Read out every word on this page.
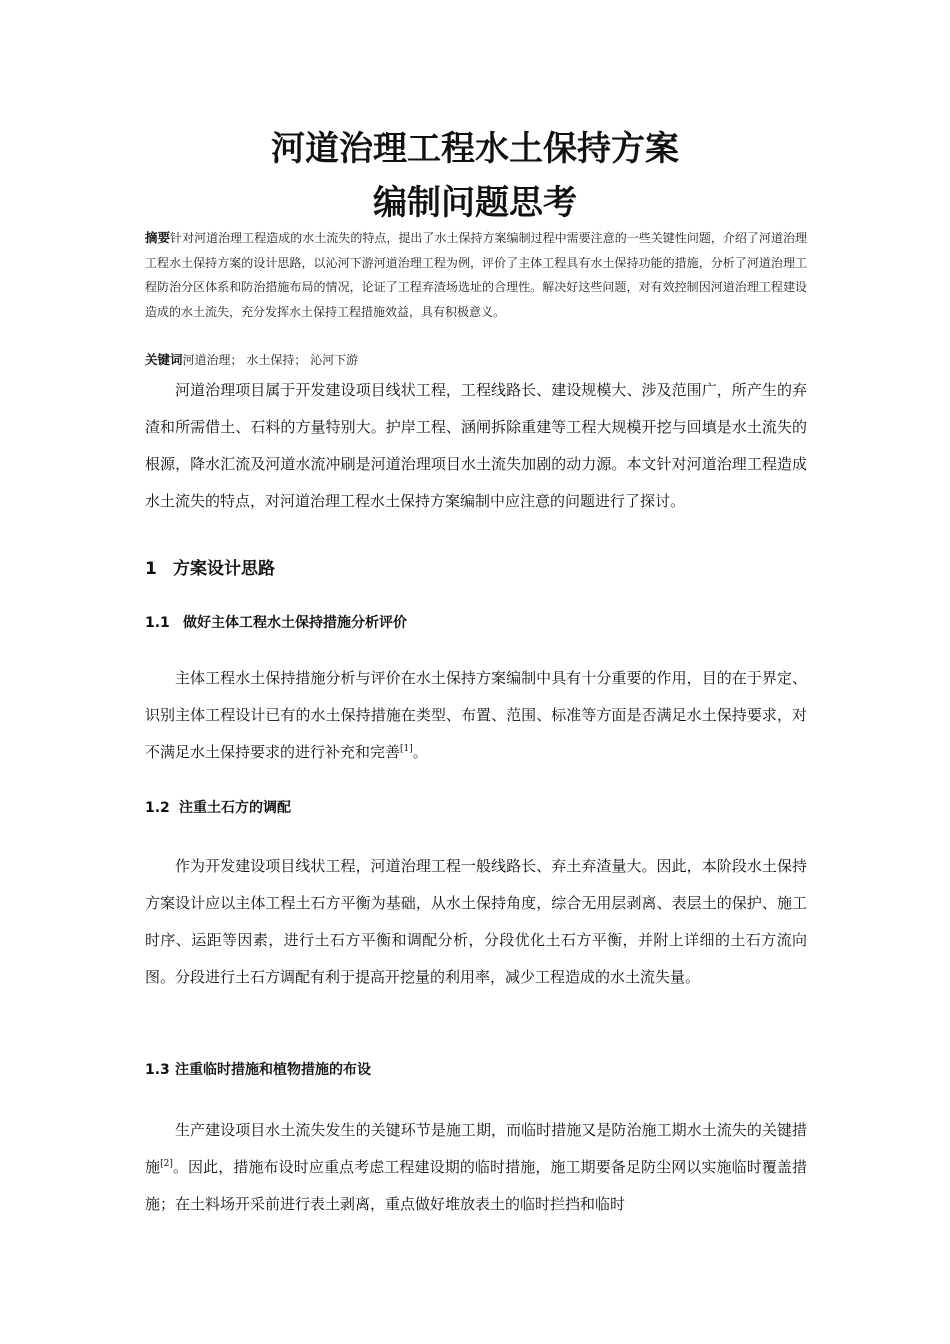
河道治理工程水土保持方案
编制问题思考
摘要针对河道治理工程造成的水土流失的特点，提出了水土保持方案编制过程中需要注意的一些关键性问题，介绍了河道治理工程水土保持方案的设计思路，以沁河下游河道治理工程为例，评价了主体工程具有水土保持功能的措施，分析了河道治理工程防治分区体系和防治措施布局的情况，论证了工程弃渣场选址的合理性。解决好这些问题，对有效控制因河道治理工程建设造成的水土流失，充分发挥水土保持工程措施效益，具有积极意义。
关键词河道治理； 水土保持； 沁河下游

河道治理项目属于开发建设项目线状工程，工程线路长、建设规模大、涉及范围广，所产生的弃渣和所需借土、石料的方量特别大。护岸工程、涵闸拆除重建等工程大规模开挖与回填是水土流失的根源，降水汇流及河道水流冲刷是河道治理项目水土流失加剧的动力源。本文针对河道治理工程造成水土流失的特点，对河道治理工程水土保持方案编制中应注意的问题进行了探讨。

1 方案设计思路
1.1 做好主体工程水土保持措施分析评价

主体工程水土保持措施分析与评价在水土保持方案编制中具有十分重要的作用，目的在于界定、识别主体工程设计已有的水土保持措施在类型、布置、范围、标准等方面是否满足水土保持要求，对不满足水土保持要求的进行补充和完善[1]。

1.2 注重土石方的调配

作为开发建设项目线状工程，河道治理工程一般线路长、弃土弃渣量大。因此，本阶段水土保持方案设计应以主体工程土石方平衡为基础，从水土保持角度，综合无用层剥离、表层土的保护、施工时序、运距等因素，进行土石方平衡和调配分析，分段优化土石方平衡，并附上详细的土石方流向图。分段进行土石方调配有利于提高开挖量的利用率，减少工程造成的水土流失量。

1.3 注重临时措施和植物措施的布设

生产建设项目水土流失发生的关键环节是施工期，而临时措施又是防治施工期水土流失的关键措施[2]。因此，措施布设时应重点考虑工程建设期的临时措施，施工期要备足防尘网以实施临时覆盖措施；在土料场开采前进行表土剥离，重点做好堆放表土的临时拦挡和临时
